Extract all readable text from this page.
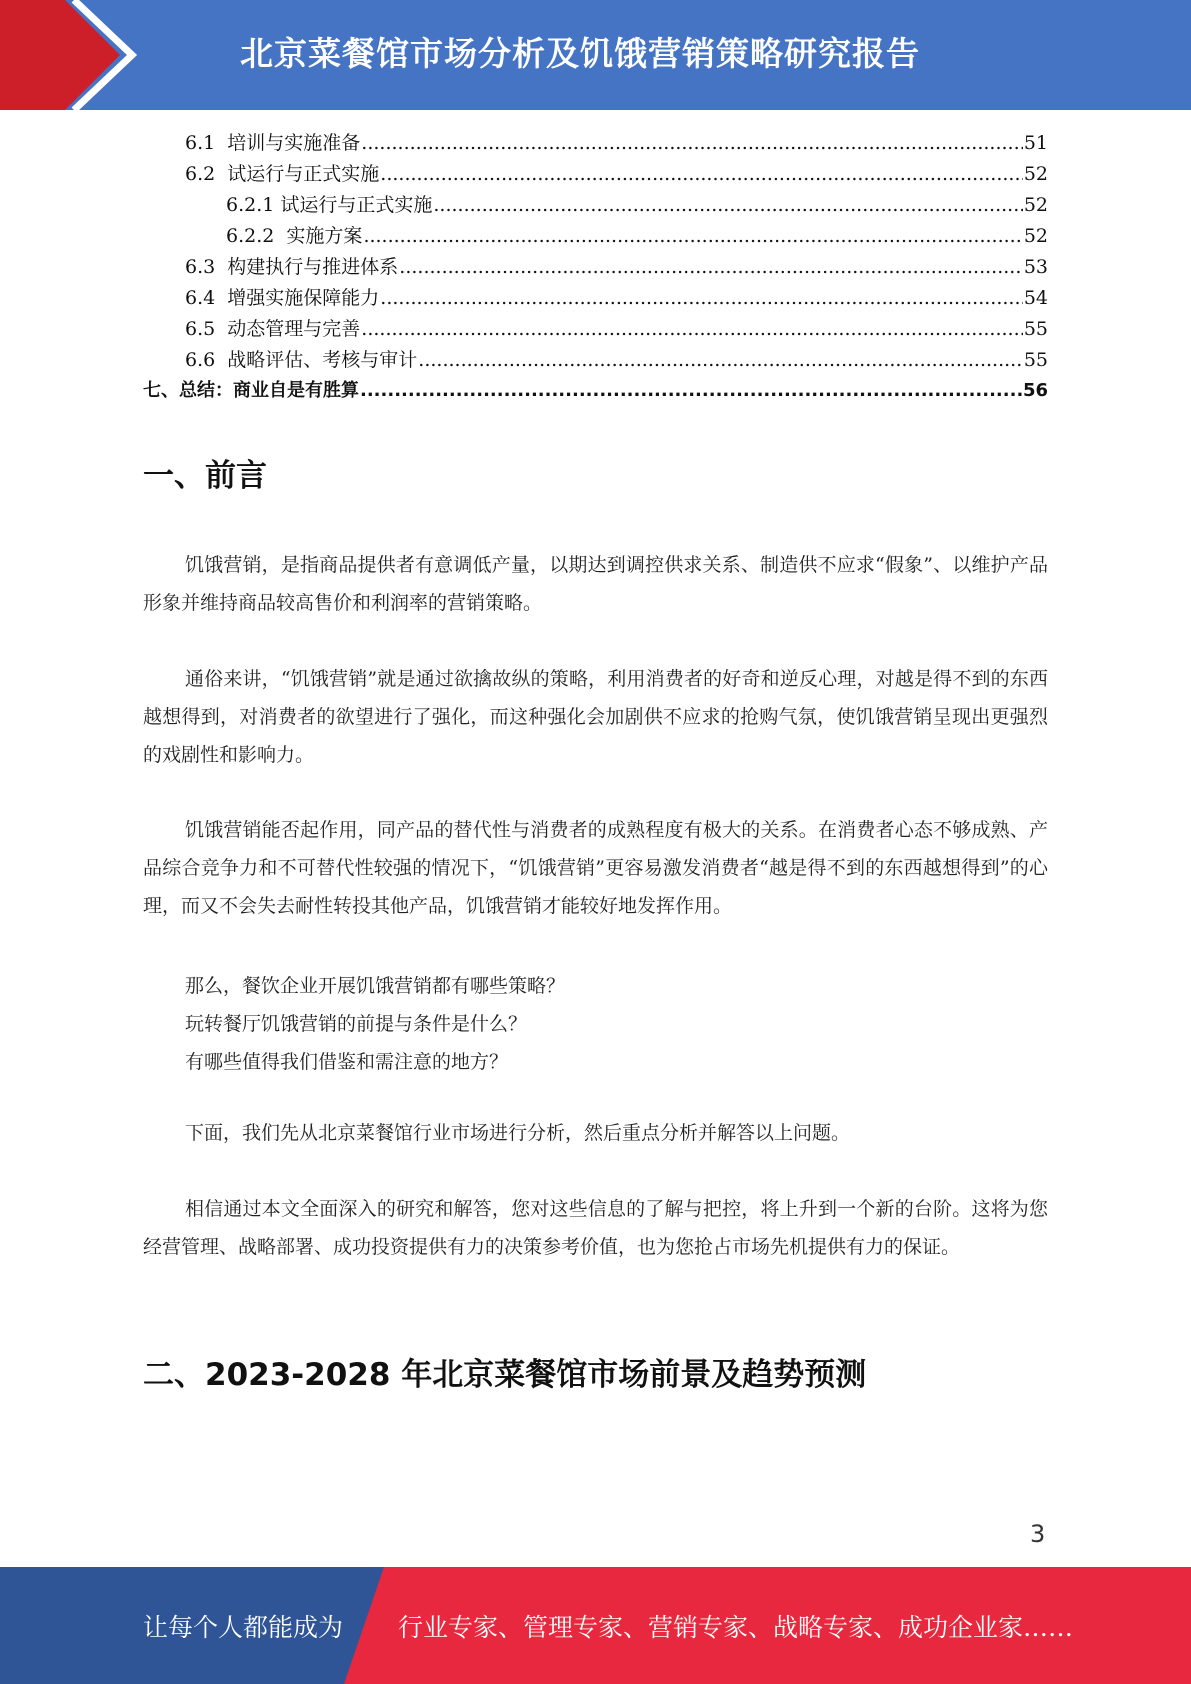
北京菜餐馆市场分析及饥饿营销策略研究报告
6.1  培训与实施准备 .....	51
6.2  试运行与正式实施 .....	52
6.2.1 试运行与正式实施 .....	52
6.2.2  实施方案 .....	52
6.3  构建执行与推进体系 .....	53
6.4  增强实施保障能力 .....	54
6.5  动态管理与完善 .....	55
6.6  战略评估、考核与审计 .....	55
七、总结：商业自是有胜算 .....	56
一、前言
饥饿营销，是指商品提供者有意调低产量，以期达到调控供求关系、制造供不应求“假象”、以维护产品形象并维持商品较高售价和利润率的营销策略。
通俗来讲，“饥饿营销”就是通过欲擒故纵的策略，利用消费者的好奇和逆反心理，对越是得不到的东西越想得到，对消费者的欲望进行了强化，而这种强化会加剧供不应求的抢购气氛，使饥饿营销呈现出更强烈的戏剧性和影响力。
饥饿营销能否起作用，同产品的替代性与消费者的成熟程度有极大的关系。在消费者心态不够成熟、产品综合竞争力和不可替代性较强的情况下，“饥饿营销”更容易激发消费者“越是得不到的东西越想得到”的心理，而又不会失去耐性转投其他产品，饥饿营销才能较好地发挥作用。
那么，餐饮企业开展饥饿营销都有哪些策略？
玩转餐厅饥饿营销的前提与条件是什么？
有哪些值得我们借鉴和需注意的地方？
下面，我们先从北京菜餐馆行业市场进行分析，然后重点分析并解答以上问题。
相信通过本文全面深入的研究和解答，您对这些信息的了解与把控，将上升到一个新的台阶。这将为您经营管理、战略部署、成功投资提供有力的决策参考价值，也为您抢占市场先机提供有力的保证。
二、2023-2028 年北京菜餐馆市场前景及趋势预测
3
让每个人都能成为 行业专家、管理专家、营销专家、战略专家、成功企业家……
